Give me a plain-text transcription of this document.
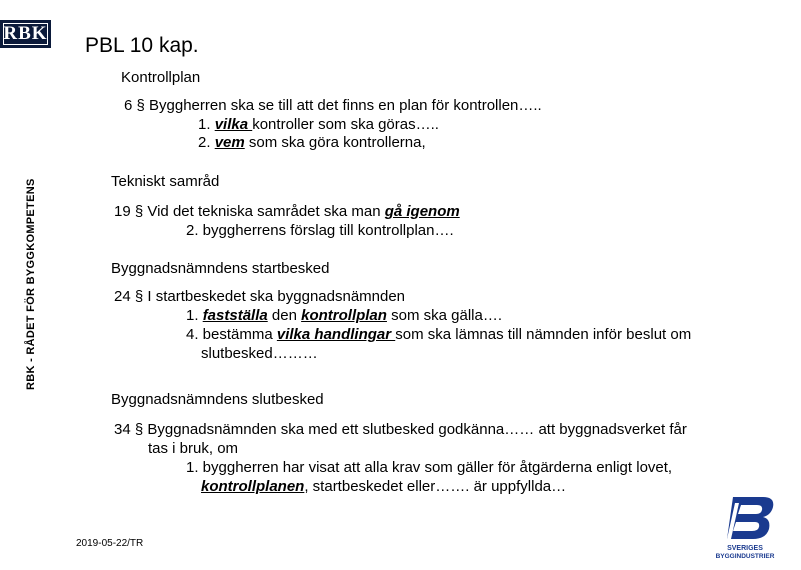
RBK
RBK - RÅDET FÖR BYGGKOMPETENS
PBL 10 kap.
Kontrollplan
6 § Byggherren ska se till att det finns en plan för kontrollen…..
1. vilka kontroller som ska göras…..
2. vem som ska göra kontrollerna,
Tekniskt samråd
19 § Vid det tekniska samrådet ska man gå igenom
2. byggherrens förslag till kontrollplan….
Byggnadsnämndens startbesked
24 § I startbeskedet ska byggnadsnämnden
1. fastställa den kontrollplan som ska gälla….
4. bestämma vilka handlingar som ska lämnas till nämnden inför beslut om
slutbesked………
Byggnadsnämndens slutbesked
34 § Byggnadsnämnden ska med ett slutbesked godkänna…… att byggnadsverket får
tas i bruk, om
1. byggherren har visat att alla krav som gäller för åtgärderna enligt lovet,
kontrollplanen, startbeskedet eller……. är uppfyllda…
2019-05-22/TR	SVERIGES
BYGGINDUSTRIER
